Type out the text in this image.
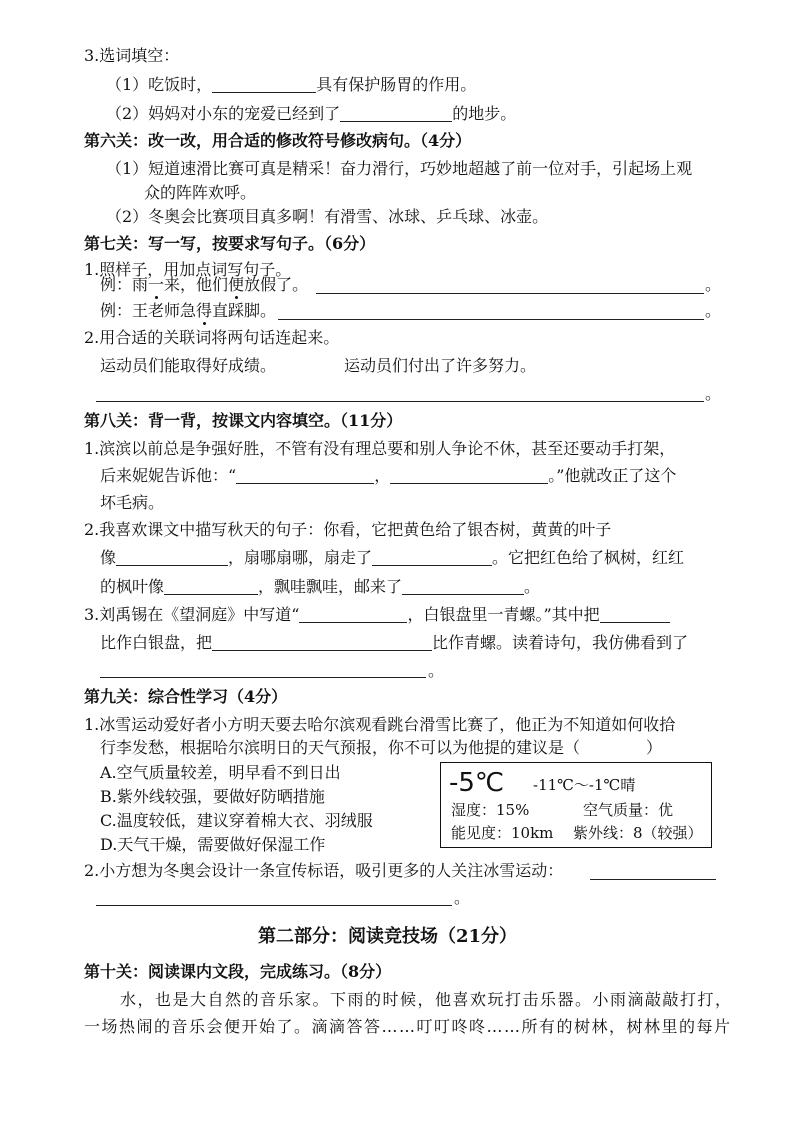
3.选词填空：
（1）吃饭时，	具有保护肠胃的作用。
（2）妈妈对小东的宠爱已经到了	的地步。
第六关：改一改，用合适的修改符号修改病句。（4分）
（1）短道速滑比赛可真是精采！奋力滑行，巧妙地超越了前一位对手，引起场上观
众的阵阵欢呼。
（2）冬奥会比赛项目真多啊！有滑雪、冰球、乒乓球、冰壶。
第七关：写一写，按要求写句子。（6分）
1.照样子，用加点词写句子。
例：雨一来，他们便放假了。	。
例：王老师急得直踩脚。	。
2.用合适的关联词将两句话连起来。
运动员们能取得好成绩。	运动员们付出了许多努力。
。
第八关：背一背，按课文内容填空。（11分）
1.滨滨以前总是争强好胜，不管有没有理总要和别人争论不休，甚至还要动手打架，
后来妮妮告诉他：“	，	。”他就改正了这个
坏毛病。
2.我喜欢课文中描写秋天的句子：你看，它把黄色给了银杏树，黄黄的叶子
像	，扇哪扇哪，扇走了	。它把红色给了枫树，红红
的枫叶像	，飘哇飘哇，邮来了	。
3.刘禹锡在《望洞庭》中写道“	，白银盘里一青螺。”其中把
比作白银盘，把	比作青螺。读着诗句，我仿佛看到了
。
第九关：综合性学习（4分）
1.冰雪运动爱好者小方明天要去哈尔滨观看跳台滑雪比赛了，他正为不知道如何收拾
行李发愁，根据哈尔滨明日的天气预报，你不可以为他提的建议是（	）
A.空气质量较差，明早看不到日出
B.紫外线较强，要做好防晒措施
C.温度较低，建议穿着棉大衣、羽绒服
D.天气干燥，需要做好保湿工作
-5℃ -11℃～-1℃晴
湿度：15%	空气质量：优
能见度：10km 紫外线：8（较强）
2.小方想为冬奥会设计一条宣传标语，吸引更多的人关注冰雪运动：
。
第二部分：阅读竞技场（21分）
第十关：阅读课内文段，完成练习。（8分）
水，也是大自然的音乐家。下雨的时候，他喜欢玩打击乐器。小雨滴敲敲打打，
一场热闹的音乐会便开始了。滴滴答答……叮叮咚咚……所有的树林，树林里的每片
